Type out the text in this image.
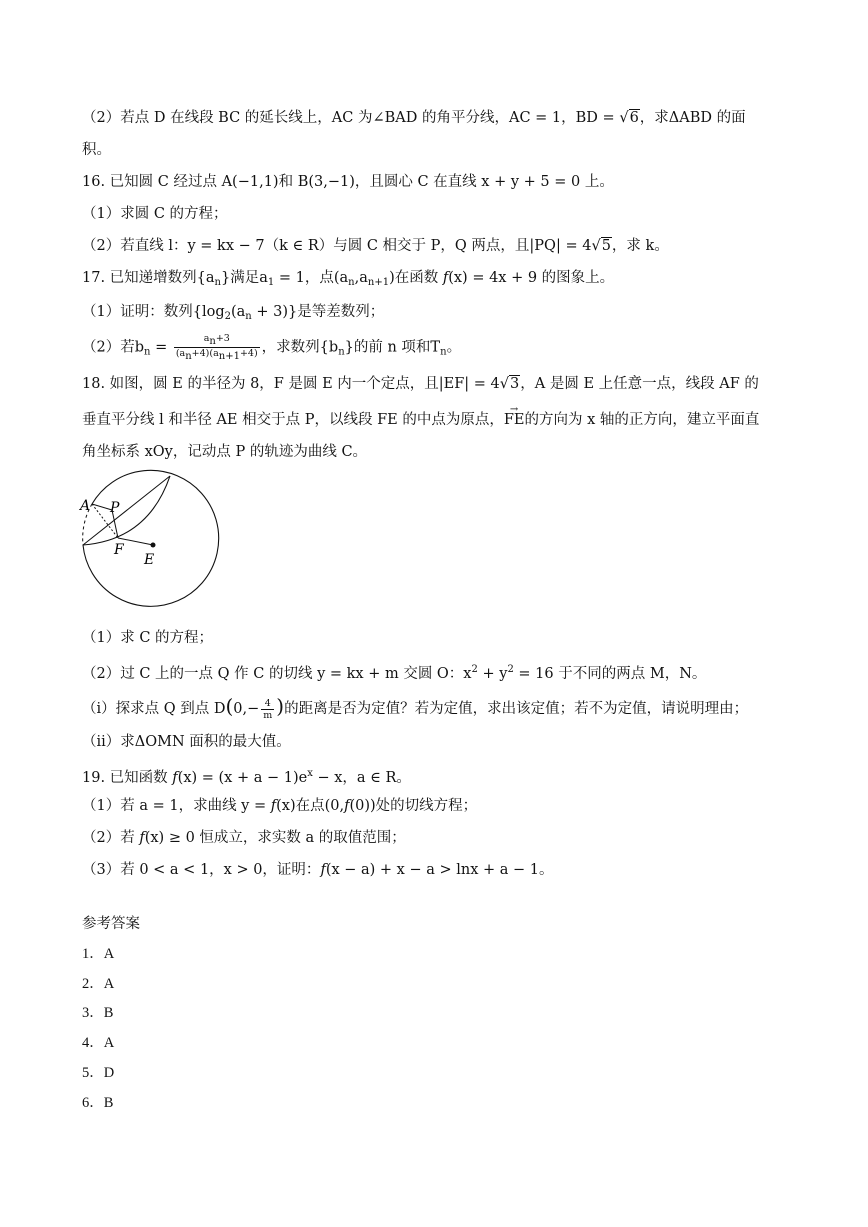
（2）若点 D 在线段 BC 的延长线上，AC 为∠BAD 的角平分线，AC = 1，BD = √6，求ΔABD 的面
积。
16. 已知圆 C 经过点 A(−1,1)和 B(3,−1)，且圆心 C 在直线 x + y + 5 = 0 上。
（1）求圆 C 的方程；
（2）若直线 l：y = kx − 7（k ∈ R）与圆 C 相交于 P，Q 两点，且|PQ| = 4√5，求 k。
17. 已知递增数列$\{a_n\}$满足$a_1 = 1$，点$(a_n,a_{n+1})$在函数 f(x) = 4x + 9 的图象上。
（1）证明：数列$\{\log_2(a_n + 3)\}$是等差数列；
（2）若$b_n = \frac{a_n+3}{(a_n+4)(a_{n+1}+4)}$ ，求数列$\{b_n\}$的前 n 项和$T_n$。
18. 如图，圆 E 的半径为 8，F 是圆 E 内一个定点，且|EF| = 4√3，A 是圆 E 上任意一点，线段 AF 的
垂直平分线 l 和半径 AE 相交于点 P，以线段 FE 的中点为原点，
→
FE的方向为 x 轴的正方向，建立平面直
角坐标系 xOy，记动点 P 的轨迹为曲线 C。
A P
F
E
（1）求 C 的方程；
（2）过 C 上的一点 Q 作 C 的切线 y = kx + m 交圆 O：$x^2 + y^2 = 16$ 于不同的两点 M，N。
（i）探求点 Q 到点 $D(0,- \frac{4}{m}$ )的距离是否为定值？若为定值，求出该定值；若不为定值，请说明理由；
（ii）求ΔOMN 面积的最大值。
19. 已知函数 $f(x) = (x + a - 1)e^x - x$，a ∈ R。
（1）若 a = 1，求曲线 y = f(x)在点(0,f(0))处的切线方程；
（2）若 f(x) ≥ 0 恒成立，求实数 a 的取值范围；
（3）若 0 < a < 1，x > 0，证明：f(x − a) + x − a > lnx + a − 1。
参考答案
1．A
2．A
3．B
4．A
5．D
6．B
